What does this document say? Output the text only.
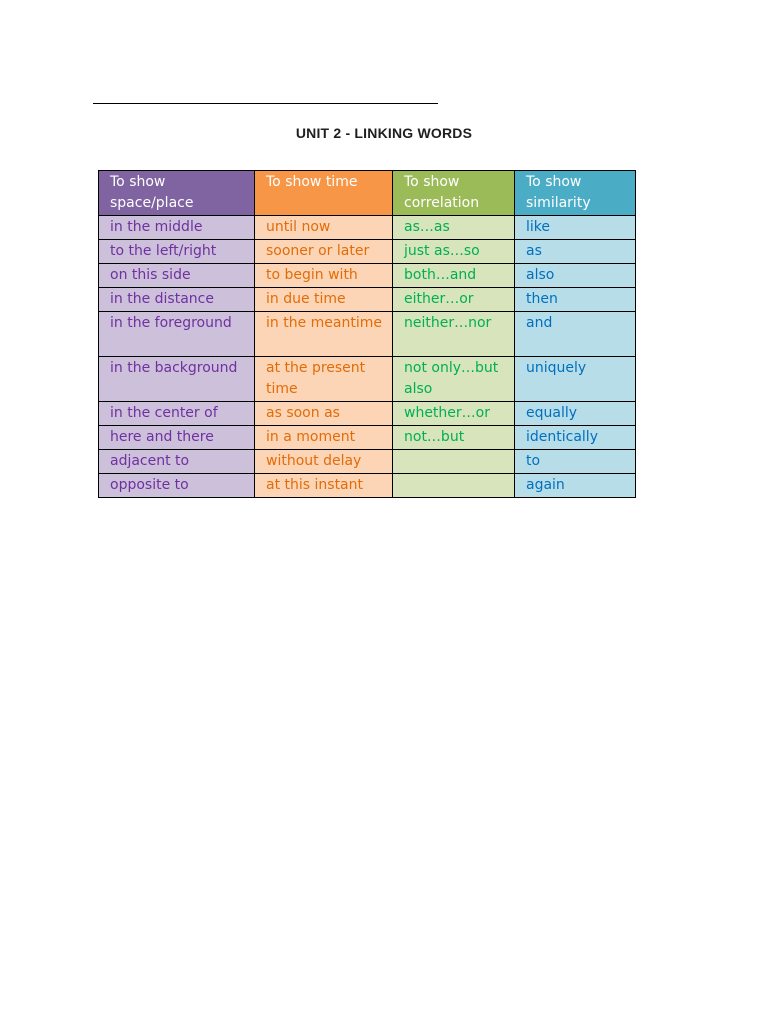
UNIT 2 - LINKING WORDS
To show space/place	To show time	To show correlation	To show similarity
in the middle	until now	as…as	like
to the left/right	sooner or later	just as…so	as
on this side	to begin with	both…and	also
in the distance	in due time	either…or	then
in the foreground	in the meantime	neither…nor	and
in the background	at the present time	not only…but also	uniquely
in the center of	as soon as	whether…or	equally
here and there	in a moment	not…but	identically
adjacent to	without delay		to
opposite to	at this instant		again
